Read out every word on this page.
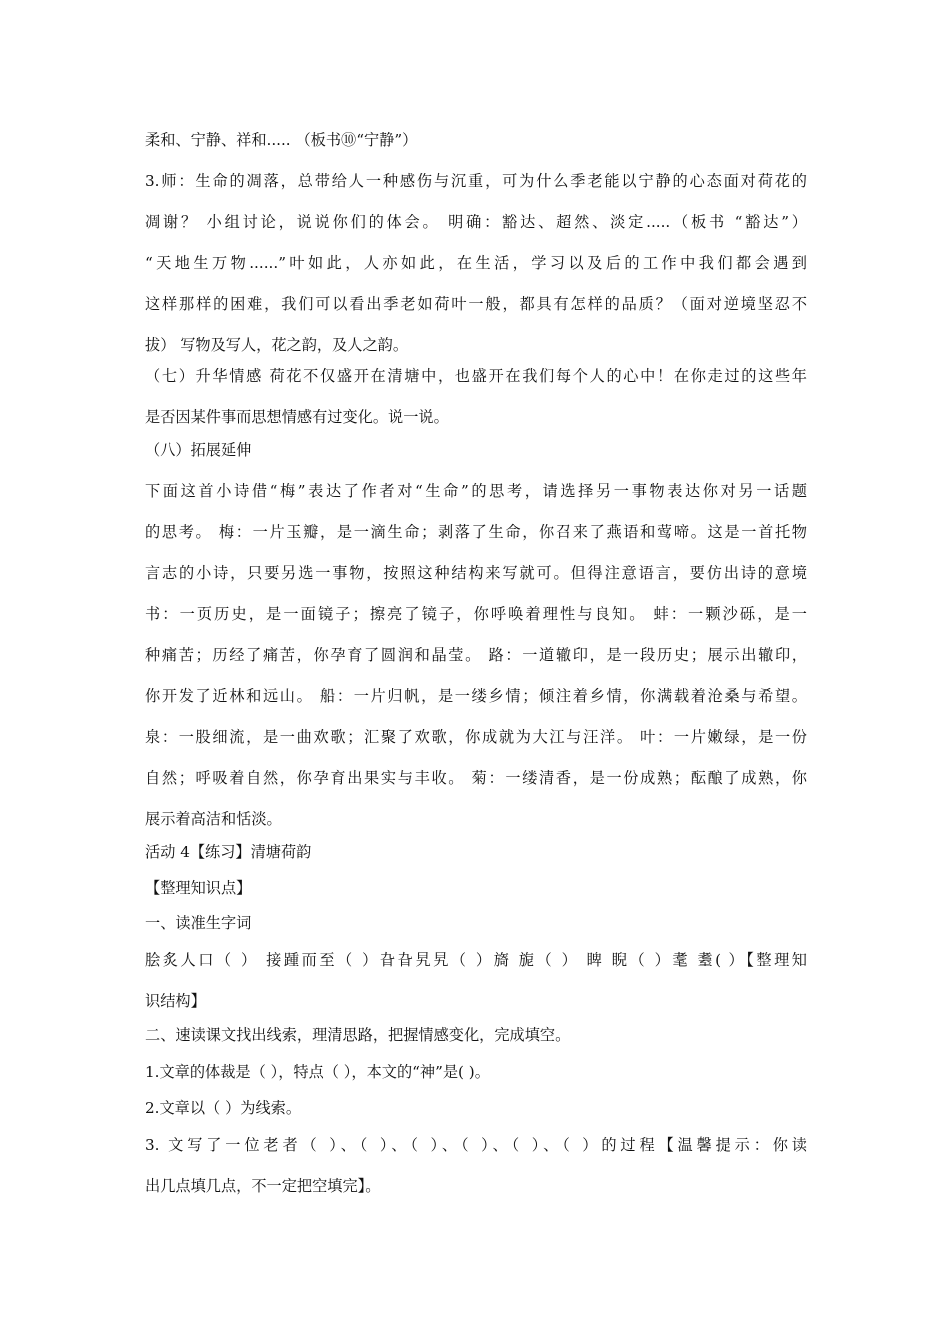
柔和、宁静、祥和..... （板书⑩“宁静”）
3.师：生命的凋落，总带给人一种感伤与沉重，可为什么季老能以宁静的心态面对荷花的
凋谢？ 小组讨论，说说你们的体会。 明确：豁达、超然、淡定.....（板书 “豁达”）
“天地生万物......”叶如此，人亦如此，在生活，学习以及后的工作中我们都会遇到
这样那样的困难，我们可以看出季老如荷叶一般，都具有怎样的品质？（面对逆境坚忍不
拔） 写物及写人，花之韵，及人之韵。
（七）升华情感 荷花不仅盛开在清塘中，也盛开在我们每个人的心中！在你走过的这些年
是否因某件事而思想情感有过变化。说一说。
（八）拓展延伸
下面这首小诗借“梅”表达了作者对“生命”的思考，请选择另一事物表达你对另一话题
的思考。 梅：一片玉瓣，是一滴生命；剥落了生命，你召来了燕语和莺啼。这是一首托物
言志的小诗，只要另选一事物，按照这种结构来写就可。但得注意语言，要仿出诗的意境
书：一页历史，是一面镜子；擦亮了镜子，你呼唤着理性与良知。 蚌：一颗沙砾，是一
种痛苦；历经了痛苦，你孕育了圆润和晶莹。 路：一道辙印，是一段历史；展示出辙印，
你开发了近林和远山。 船：一片归帆，是一缕乡情；倾注着乡情，你满载着沧桑与希望。
泉：一股细流，是一曲欢歌；汇聚了欢歌，你成就为大江与汪洋。 叶：一片嫩绿，是一份
自然；呼吸着自然，你孕育出果实与丰收。 菊：一缕清香，是一份成熟；酝酿了成熟，你
展示着高洁和恬淡。
活动 4【练习】清塘荷韵
【整理知识点】
一、读准生字词
脍炙人口（ ） 接踵而至（ ）旮旮旯旯（ ）旖 旎（ ） 睥 睨（ ）耄 耋( ）【整理知
识结构】
二、速读课文找出线索，理清思路，把握情感变化，完成填空。
1.文章的体裁是（ ），特点（ ），本文的“神”是( )。
2.文章以（ ）为线索。
3. 文写了一位老者（ ）、（ ）、（ ）、（ ）、（ ）、（ ）的过程【温馨提示：你读
出几点填几点，不一定把空填完】。
